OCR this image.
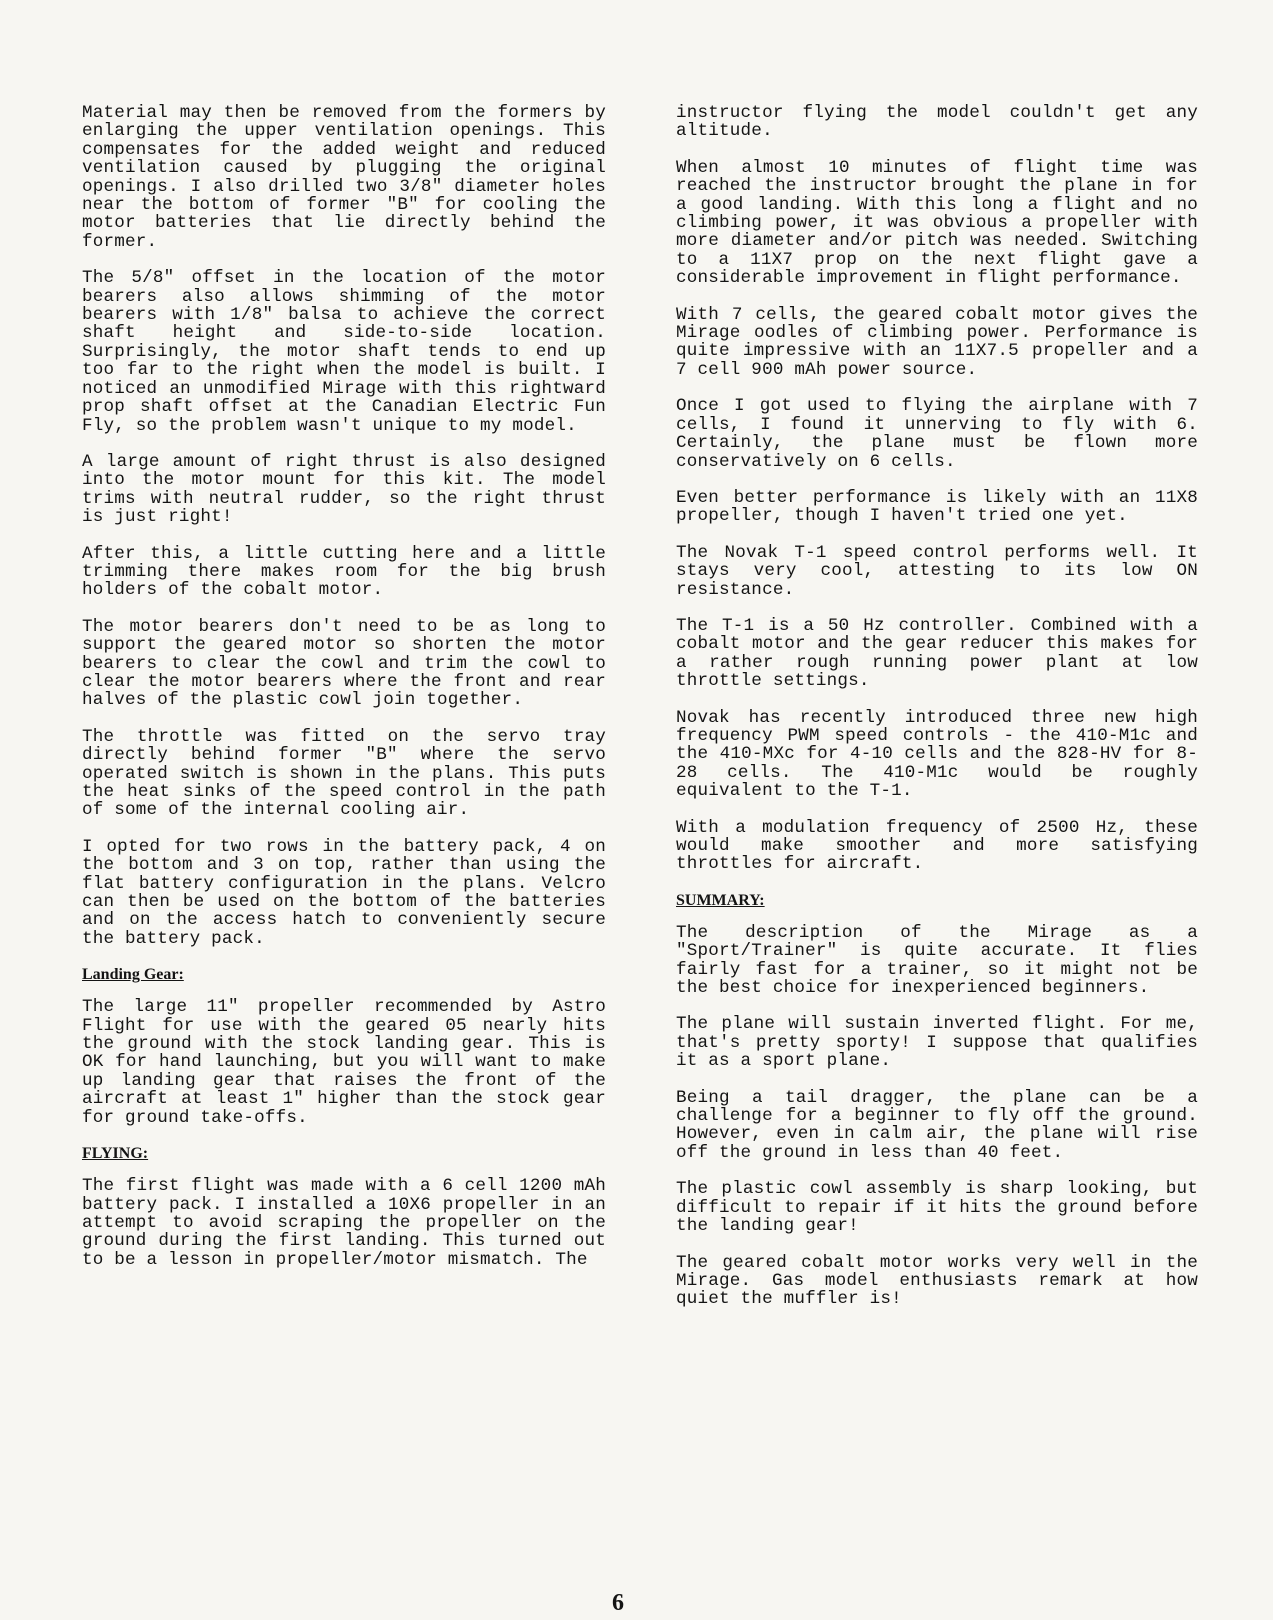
Material may then be removed from the formers by enlarging the upper ventilation openings. This compensates for the added weight and reduced ventilation caused by plugging the original openings. I also drilled two 3/8" diameter holes near the bottom of former "B" for cooling the motor batteries that lie directly behind the former.

The 5/8" offset in the location of the motor bearers also allows shimming of the motor bearers with 1/8" balsa to achieve the correct shaft height and side-to-side location. Surprisingly, the motor shaft tends to end up too far to the right when the model is built. I noticed an unmodified Mirage with this rightward prop shaft offset at the Canadian Electric Fun Fly, so the problem wasn't unique to my model.

A large amount of right thrust is also designed into the motor mount for this kit. The model trims with neutral rudder, so the right thrust is just right!

After this, a little cutting here and a little trimming there makes room for the big brush holders of the cobalt motor.

The motor bearers don't need to be as long to support the geared motor so shorten the motor bearers to clear the cowl and trim the cowl to clear the motor bearers where the front and rear halves of the plastic cowl join together.

The throttle was fitted on the servo tray directly behind former "B" where the servo operated switch is shown in the plans. This puts the heat sinks of the speed control in the path of some of the internal cooling air.

I opted for two rows in the battery pack, 4 on the bottom and 3 on top, rather than using the flat battery configuration in the plans. Velcro can then be used on the bottom of the batteries and on the access hatch to conveniently secure the battery pack.

Landing Gear:

The large 11" propeller recommended by Astro Flight for use with the geared 05 nearly hits the ground with the stock landing gear. This is OK for hand launching, but you will want to make up landing gear that raises the front of the aircraft at least 1" higher than the stock gear for ground take-offs.

FLYING:

The first flight was made with a 6 cell 1200 mAh battery pack. I installed a 10X6 propeller in an attempt to avoid scraping the propeller on the ground during the first landing. This turned out to be a lesson in propeller/motor mismatch. The

instructor flying the model couldn't get any altitude.

When almost 10 minutes of flight time was reached the instructor brought the plane in for a good landing. With this long a flight and no climbing power, it was obvious a propeller with more diameter and/or pitch was needed. Switching to a 11X7 prop on the next flight gave a considerable improvement in flight performance.

With 7 cells, the geared cobalt motor gives the Mirage oodles of climbing power. Performance is quite impressive with an 11X7.5 propeller and a 7 cell 900 mAh power source.

Once I got used to flying the airplane with 7 cells, I found it unnerving to fly with 6. Certainly, the plane must be flown more conservatively on 6 cells.

Even better performance is likely with an 11X8 propeller, though I haven't tried one yet.

The Novak T-1 speed control performs well. It stays very cool, attesting to its low ON resistance.

The T-1 is a 50 Hz controller. Combined with a cobalt motor and the gear reducer this makes for a rather rough running power plant at low throttle settings.

Novak has recently introduced three new high frequency PWM speed controls - the 410-M1c and the 410-MXc for 4-10 cells and the 828-HV for 8-28 cells. The 410-M1c would be roughly equivalent to the T-1.

With a modulation frequency of 2500 Hz, these would make smoother and more satisfying throttles for aircraft.

SUMMARY:

The description of the Mirage as a "Sport/Trainer" is quite accurate. It flies fairly fast for a trainer, so it might not be the best choice for inexperienced beginners.

The plane will sustain inverted flight. For me, that's pretty sporty! I suppose that qualifies it as a sport plane.

Being a tail dragger, the plane can be a challenge for a beginner to fly off the ground. However, even in calm air, the plane will rise off the ground in less than 40 feet.

The plastic cowl assembly is sharp looking, but difficult to repair if it hits the ground before the landing gear!

The geared cobalt motor works very well in the Mirage. Gas model enthusiasts remark at how quiet the muffler is!

6
